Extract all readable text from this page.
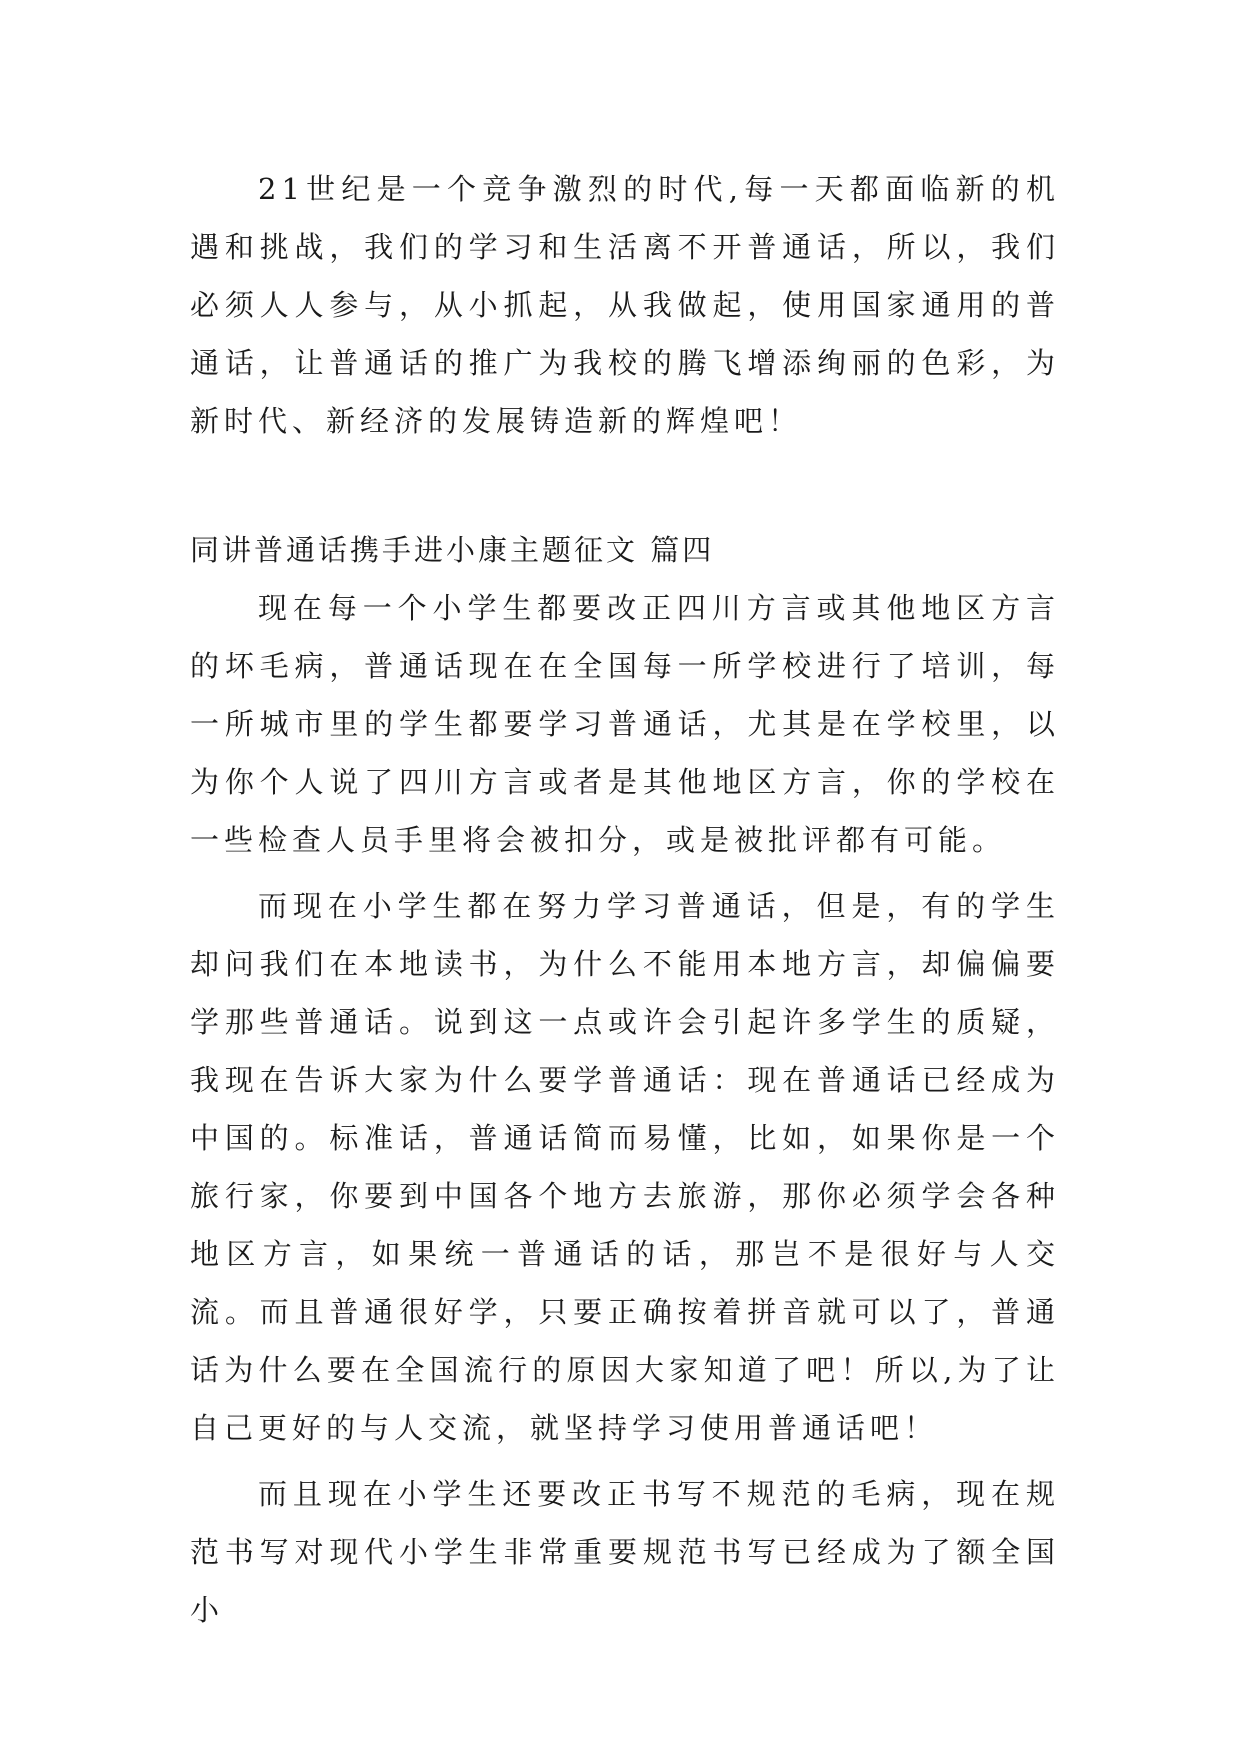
21世纪是一个竞争激烈的时代,每一天都面临新的机遇和挑战，我们的学习和生活离不开普通话，所以，我们必须人人参与，从小抓起，从我做起，使用国家通用的普通话，让普通话的推广为我校的腾飞增添绚丽的色彩，为新时代、新经济的发展铸造新的辉煌吧！

同讲普通话携手进小康主题征文 篇四

现在每一个小学生都要改正四川方言或其他地区方言的坏毛病，普通话现在在全国每一所学校进行了培训，每一所城市里的学生都要学习普通话，尤其是在学校里，以为你个人说了四川方言或者是其他地区方言，你的学校在一些检查人员手里将会被扣分，或是被批评都有可能。

而现在小学生都在努力学习普通话，但是，有的学生却问我们在本地读书，为什么不能用本地方言，却偏偏要学那些普通话。说到这一点或许会引起许多学生的质疑，我现在告诉大家为什么要学普通话：现在普通话已经成为中国的。标准话，普通话简而易懂，比如，如果你是一个旅行家，你要到中国各个地方去旅游，那你必须学会各种地区方言，如果统一普通话的话，那岂不是很好与人交流。而且普通很好学，只要正确按着拼音就可以了，普通话为什么要在全国流行的原因大家知道了吧！所以,为了让自己更好的与人交流，就坚持学习使用普通话吧！

而且现在小学生还要改正书写不规范的毛病，现在规范书写对现代小学生非常重要规范书写已经成为了额全国小
